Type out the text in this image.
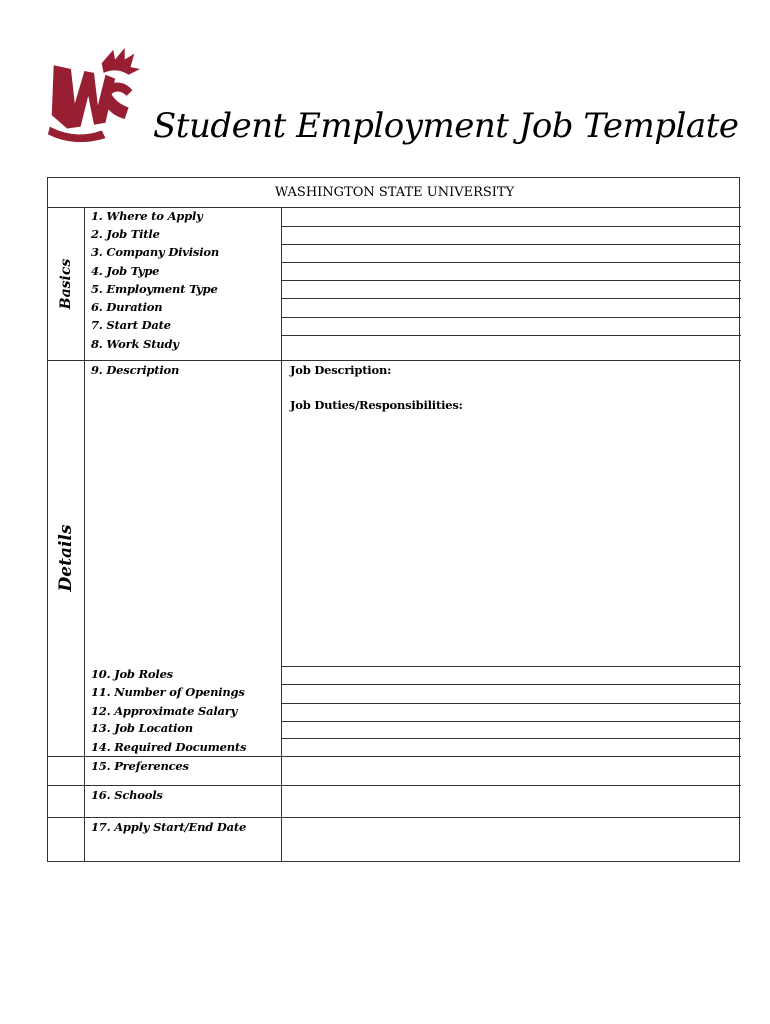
Student Employment Job Template
WASHINGTON STATE UNIVERSITY
Basics
Details
1. Where to Apply
2. Job Title
3. Company Division
4. Job Type
5. Employment Type
6. Duration
7. Start Date
8. Work Study
9. Description
10. Job Roles
11. Number of Openings
12. Approximate Salary
13. Job Location
14. Required Documents
15. Preferences
16. Schools
17. Apply Start/End Date
Job Description:
Job Duties/Responsibilities:
